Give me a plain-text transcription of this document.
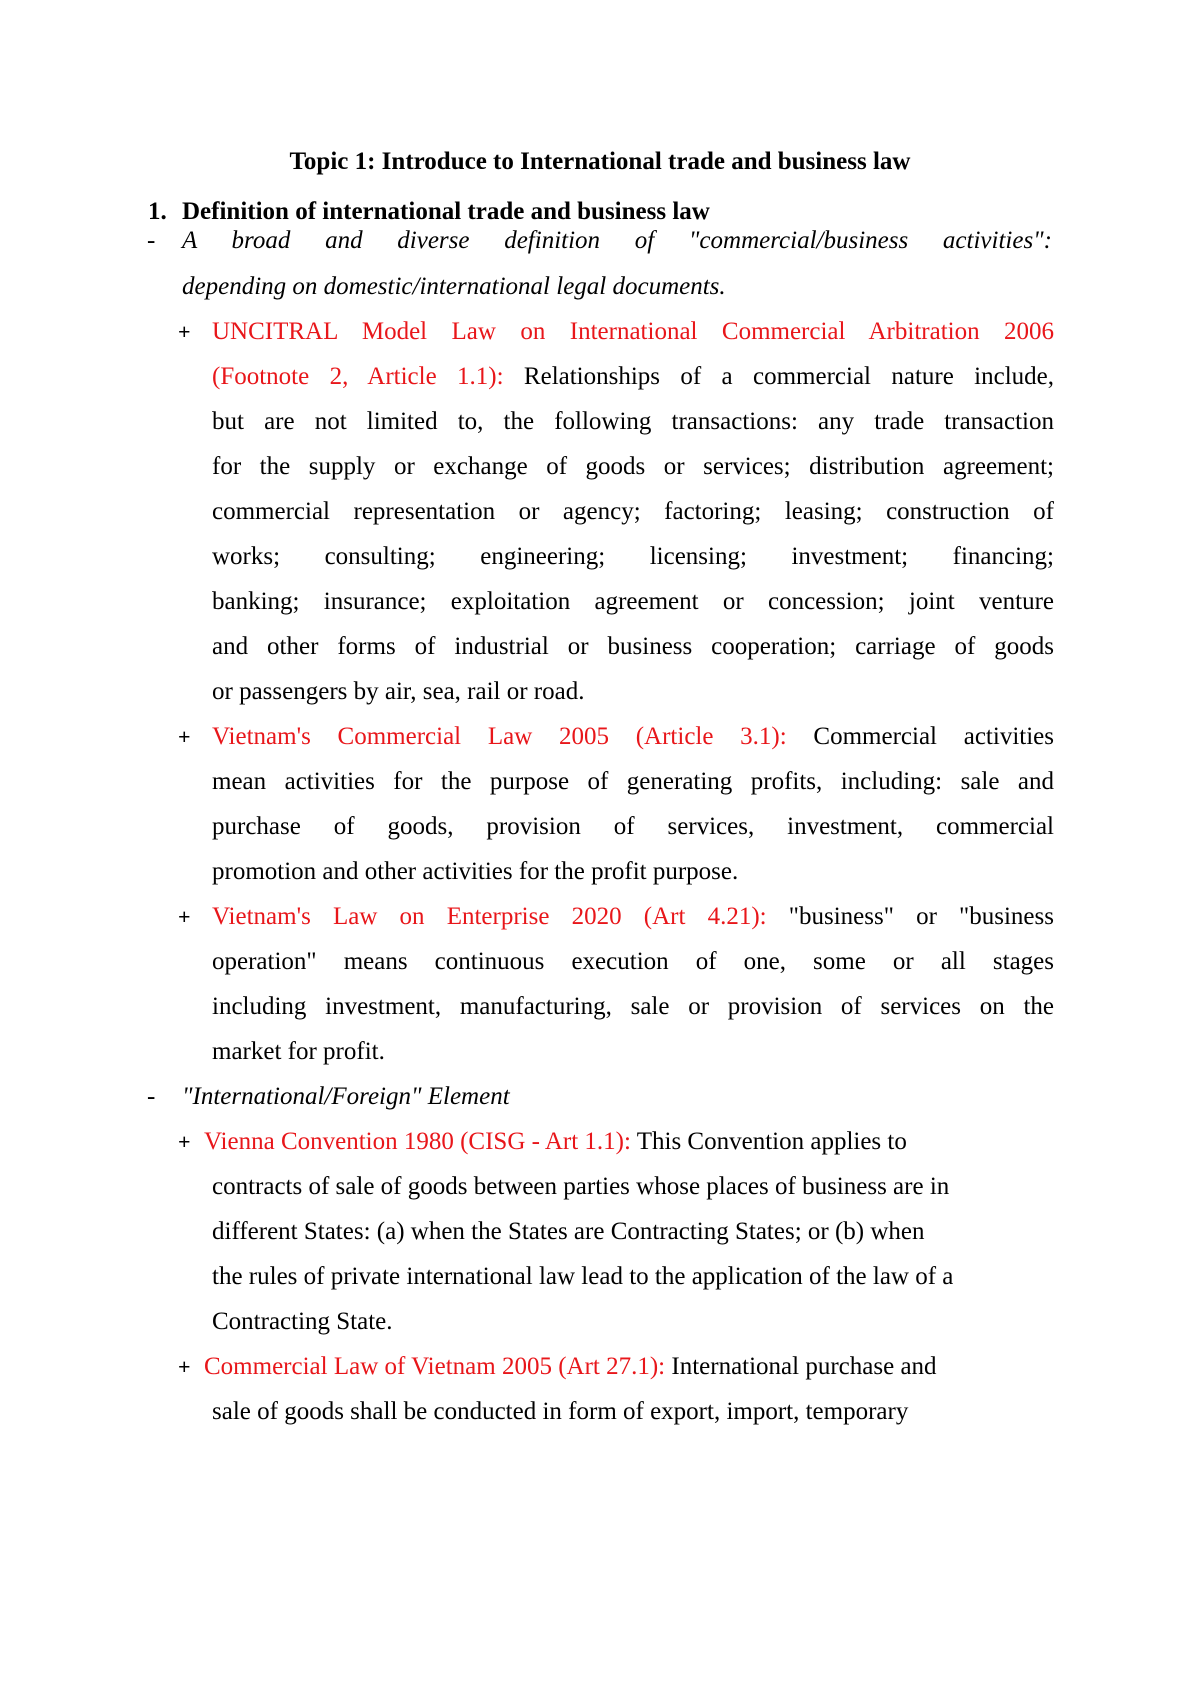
Topic 1: Introduce to International trade and business law
1. Definition of international trade and business law
- A broad and diverse definition of "commercial/business activities":

depending on domestic/international legal documents.

+ UNCITRAL Model Law on International Commercial Arbitration 2006

(Footnote 2, Article 1.1): Relationships of a commercial nature include,

but are not limited to, the following transactions: any trade transaction

for the supply or exchange of goods or services; distribution agreement;

commercial representation or agency; factoring; leasing; construction of

works; consulting; engineering; licensing; investment; financing;

banking; insurance; exploitation agreement or concession; joint venture

and other forms of industrial or business cooperation; carriage of goods

or passengers by air, sea, rail or road.

+ Vietnam's Commercial Law 2005 (Article 3.1): Commercial activities

mean activities for the purpose of generating profits, including: sale and

purchase of goods, provision of services, investment, commercial

promotion and other activities for the profit purpose.

+ Vietnam's Law on Enterprise 2020 (Art 4.21): "business" or "business

operation" means continuous execution of one, some or all stages

including investment, manufacturing, sale or provision of services on the

market for profit.

- "International/Foreign" Element

+ Vienna Convention 1980 (CISG - Art 1.1): This Convention applies to

contracts of sale of goods between parties whose places of business are in

different States: (a) when the States are Contracting States; or (b) when

the rules of private international law lead to the application of the law of a

Contracting State.

+ Commercial Law of Vietnam 2005 (Art 27.1): International purchase and

sale of goods shall be conducted in form of export, import, temporary
